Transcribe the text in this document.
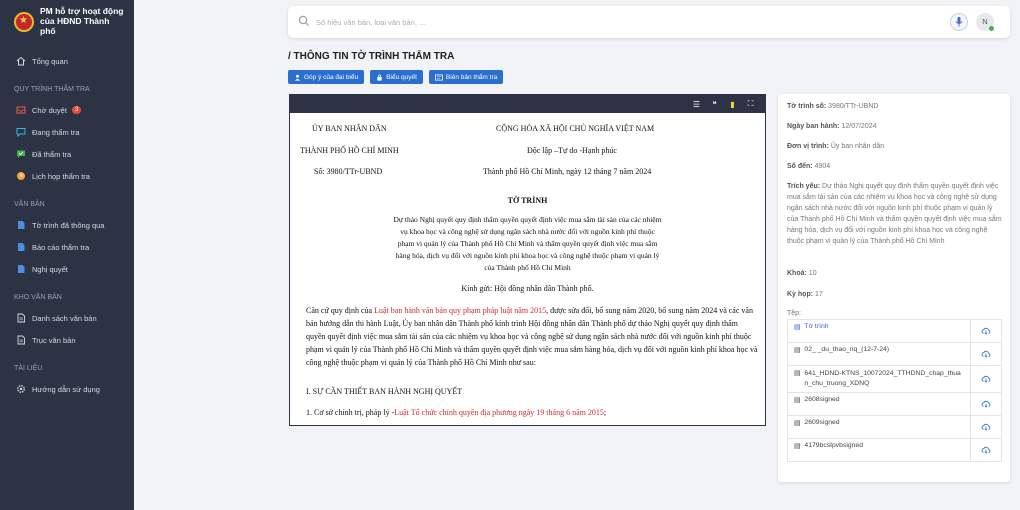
★
PM hỗ trợ hoạt động của HĐND Thành phố
Tổng quan
QUY TRÌNH THẨM TRA
Chờ duyệt	3
Đang thẩm tra
Đã thẩm tra
Lịch họp thẩm tra
VĂN BẢN
Tờ trình đã thông qua
Báo cáo thẩm tra
Nghị quyết
KHO VĂN BẢN
Danh sách văn bản
Trục văn bản
TÀI LIỆU
Hướng dẫn sử dụng
Số hiệu văn bản, loại văn bản, ...
N
/ THÔNG TIN TỜ TRÌNH THẨM TRA
Góp ý của đại biểu	Biểu quyết	Biên bản thẩm tra
☰ ❝ ▮ ⛶
ỦY BAN NHÂN DÂN
THÀNH PHỐ HỒ CHÍ MINH
Số: 3980/TTr-UBND
CỘNG HÒA XÃ HỘI CHỦ NGHĨA VIỆT NAM
Độc lập –Tự do -Hạnh phúc
Thành phố Hồ Chí Minh, ngày 12 tháng 7 năm 2024
TỜ TRÌNH
Dự thảo Nghị quyết quy định thẩm quyền quyết định việc mua sắm tài sản của các nhiệm
vụ khoa học và công nghệ sử dụng ngân sách nhà nước đối với nguồn kinh phí thuộc
phạm vi quản lý của Thành phố Hồ Chí Minh và thẩm quyền quyết định việc mua sắm
hàng hóa, dịch vụ đối với nguồn kinh phí khoa học và công nghệ thuộc phạm vi quản lý
của Thành phố Hồ Chí Minh
Kính gửi: Hội đồng nhân dân Thành phố.
Căn cứ quy định của Luật ban hành văn bản quy phạm pháp luật năm 2015, được sửa đổi, bổ sung năm 2020, bổ sung năm 2024 và các văn bản hướng dẫn thi hành Luật, Ủy ban nhân dân Thành phố kính trình Hội đồng nhân dân Thành phố dự thảo Nghị quyết quy định thẩm quyền quyết định việc mua sắm tài sản của các nhiệm vụ khoa học và công nghệ sử dụng ngân sách nhà nước đối với nguồn kinh phí thuộc phạm vi quản lý của Thành phố Hồ Chí Minh và thẩm quyền quyết định việc mua sắm hàng hóa, dịch vụ đối với nguồn kinh phí khoa học và công nghệ thuộc phạm vi quản lý của Thành phố Hồ Chí Minh như sau:
I. SỰ CẦN THIẾT BAN HÀNH NGHỊ QUYẾT
1. Cơ sở chính trị, pháp lý -Luật Tổ chức chính quyền địa phương ngày 19 tháng 6 năm 2015;
Tờ trình số: 3980/TTr-UBND
Ngày ban hành: 12/07/2024
Đơn vị trình: Ủy ban nhân dân
Số đến: 4904
Trích yếu: Dự thảo Nghị quyết quy định thẩm quyền quyết định việc mua sắm tài sản của các nhiệm vụ khoa học và công nghệ sử dụng ngân sách nhà nước đối với nguồn kinh phí thuộc phạm vi quản lý của Thành phố Hồ Chí Minh và thẩm quyền quyết định việc mua sắm hàng hóa, dịch vụ đối với nguồn kinh phí khoa học và công nghệ thuộc phạm vi quản lý của Thành phố Hồ Chí Minh
Khoá: 10
Kỳ họp: 17
Tệp:
▤ Tờ trình
▤ 02_ _du_thao_nq_(12-7-24)
▤ 641_HDND-KTNS_10072024_TTHDND_chap_thuan_chu_truong_XDNQ
▤ 2608signed
▤ 2609signed
▤ 4179bcstpvbsigned
